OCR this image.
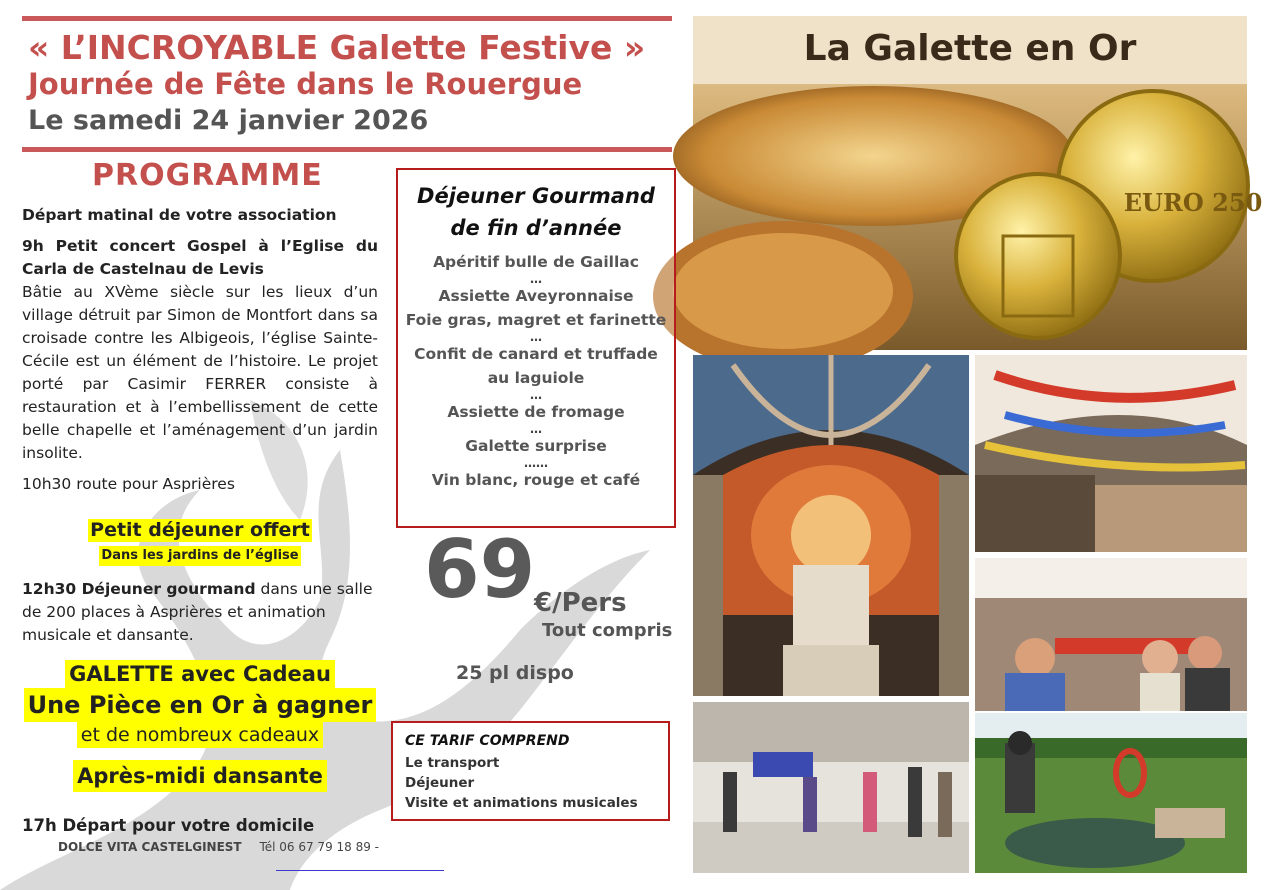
« L’INCROYABLE Galette Festive »
Journée de Fête dans le Rouergue
Le samedi 24 janvier 2026
PROGRAMME

Départ matinal de votre association

9h Petit concert Gospel à l’Eglise du Carla de Castelnau de Levis

Bâtie au XVème siècle sur les lieux d’un village détruit par Simon de Montfort dans sa croisade contre les Albigeois, l’église Sainte-Cécile est un élément de l’histoire. Le projet porté par Casimir FERRER consiste à restauration et à l’embellissement de cette belle chapelle et l’aménagement d’un jardin insolite.

10h30 route pour Asprières

Petit déjeuner offert
Dans les jardins de l’église

12h30 Déjeuner gourmand dans une salle de 200 places à Asprières et animation musicale et dansante.

GALETTE avec Cadeau
Une Pièce en Or à gagner
et de nombreux cadeaux
Après-midi dansante
17h Départ pour votre domicile
Déjeuner Gourmand
de fin d’année
Apéritif bulle de Gaillac
…
Assiette Aveyronnaise
Foie gras, magret et farinette
…
Confit de canard et truffade au laguiole
…
Assiette de fromage
…
Galette surprise
……
Vin blanc, rouge et café
69
€/Pers
Tout compris
25 pl dispo
CE TARIF COMPREND
Le transport
Déjeuner
Visite et animations musicales
DOLCE VITA CASTELGINEST Tél 06 67 79 18 89 -
EURO 250
La Galette en Or
